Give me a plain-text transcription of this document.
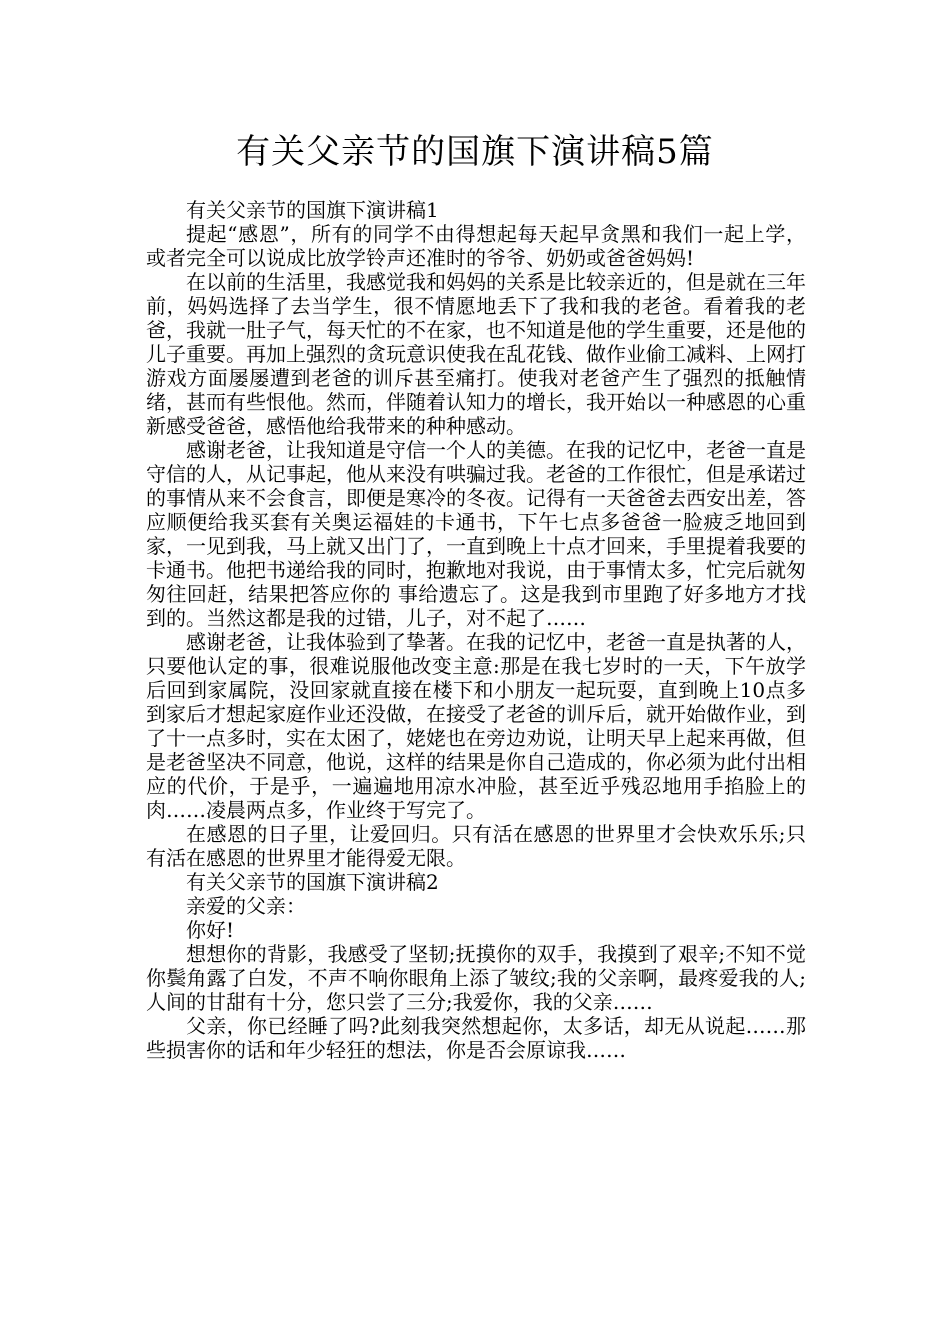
有关父亲节的国旗下演讲稿5篇

有关父亲节的国旗下演讲稿1

提起“感恩”，所有的同学不由得想起每天起早贪黑和我们一起上学，或者完全可以说成比放学铃声还准时的爷爷、奶奶或爸爸妈妈!

在以前的生活里，我感觉我和妈妈的关系是比较亲近的，但是就在三年前，妈妈选择了去当学生，很不情愿地丢下了我和我的老爸。看着我的老爸，我就一肚子气，每天忙的不在家，也不知道是他的学生重要，还是他的儿子重要。再加上强烈的贪玩意识使我在乱花钱、做作业偷工减料、上网打游戏方面屡屡遭到老爸的训斥甚至痛打。使我对老爸产生了强烈的抵触情绪，甚而有些恨他。然而，伴随着认知力的增长，我开始以一种感恩的心重新感受爸爸，感悟他给我带来的种种感动。

感谢老爸，让我知道是守信一个人的美德。在我的记忆中，老爸一直是守信的人，从记事起，他从来没有哄骗过我。老爸的工作很忙，但是承诺过的事情从来不会食言，即便是寒冷的冬夜。记得有一天爸爸去西安出差，答应顺便给我买套有关奥运福娃的卡通书，下午七点多爸爸一脸疲乏地回到家，一见到我，马上就又出门了，一直到晚上十点才回来，手里提着我要的卡通书。他把书递给我的同时，抱歉地对我说，由于事情太多，忙完后就匆匆往回赶，结果把答应你的 事给遗忘了。这是我到市里跑了好多地方才找到的。当然这都是我的过错，儿子，对不起了……

感谢老爸，让我体验到了挚著。在我的记忆中，老爸一直是执著的人，只要他认定的事，很难说服他改变主意:那是在我七岁时的一天，下午放学后回到家属院，没回家就直接在楼下和小朋友一起玩耍，直到晚上10点多到家后才想起家庭作业还没做，在接受了老爸的训斥后，就开始做作业，到了十一点多时，实在太困了，姥姥也在旁边劝说，让明天早上起来再做，但是老爸坚决不同意，他说，这样的结果是你自己造成的，你必须为此付出相应的代价，于是乎，一遍遍地用凉水冲脸，甚至近乎残忍地用手掐脸上的肉……凌晨两点多，作业终于写完了。

在感恩的日子里，让爱回归。只有活在感恩的世界里才会快欢乐乐;只有活在感恩的世界里才能得爱无限。

有关父亲节的国旗下演讲稿2

亲爱的父亲：

你好!

想想你的背影，我感受了坚韧;抚摸你的双手，我摸到了艰辛;不知不觉你鬓角露了白发，不声不响你眼角上添了皱纹;我的父亲啊，最疼爱我的人;人间的甘甜有十分，您只尝了三分;我爱你，我的父亲……

父亲，你已经睡了吗?此刻我突然想起你，太多话，却无从说起……那些损害你的话和年少轻狂的想法，你是否会原谅我……
